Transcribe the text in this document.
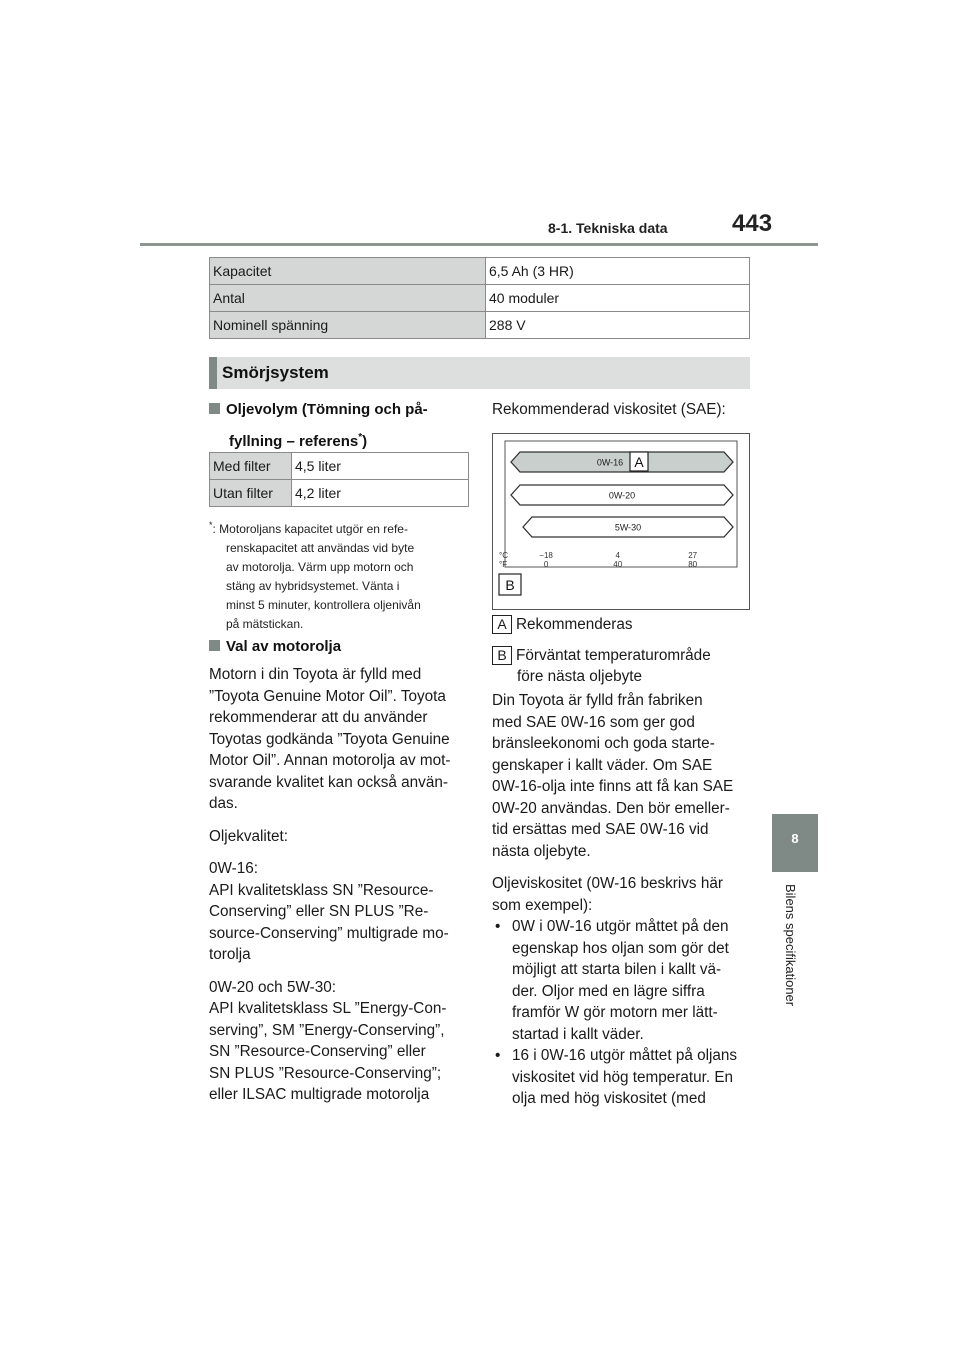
8-1. Tekniska data	443
8
Bilens specifikationer
Kapacitet	6,5 Ah (3 HR)
Antal	40 moduler
Nominell spänning	288 V
Smörjsystem
Oljevolym (Tömning och på-
fyllning – referens*)
Med filter	4,5 liter
Utan filter	4,2 liter
*: Motoroljans kapacitet utgör en refe-
renskapacitet att användas vid byte
av motorolja. Värm upp motorn och
stäng av hybridsystemet. Vänta i
minst 5 minuter, kontrollera oljenivån
på mätstickan.
Val av motorolja
Motorn i din Toyota är fylld med
”Toyota Genuine Motor Oil”. Toyota
rekommenderar att du använder
Toyotas godkända ”Toyota Genuine
Motor Oil”. Annan motorolja av mot-
svarande kvalitet kan också använ-
das.
Oljekvalitet:
0W-16:
API kvalitetsklass SN ”Resource-
Conserving” eller SN PLUS ”Re-
source-Conserving” multigrade mo-
torolja
0W-20 och 5W-30:
API kvalitetsklass SL ”Energy-Con-
serving”, SM ”Energy-Conserving”,
SN ”Resource-Conserving” eller
SN PLUS ”Resource-Conserving”;
eller ILSAC multigrade motorolja
Rekommenderad viskositet (SAE):
0W-16 A
0W-20
5W-30
°C
°F
−18
0
4
40
27
80
B
A Rekommenderas
B Förväntat temperaturområde
före nästa oljebyte
Din Toyota är fylld från fabriken
med SAE 0W-16 som ger god
bränsleekonomi och goda starte-
genskaper i kallt väder. Om SAE
0W-16-olja inte finns att få kan SAE
0W-20 användas. Den bör emeller-
tid ersättas med SAE 0W-16 vid
nästa oljebyte.
Oljeviskositet (0W-16 beskrivs här
som exempel):
• 0W i 0W-16 utgör måttet på den
egenskap hos oljan som gör det
möjligt att starta bilen i kallt vä-
der. Oljor med en lägre siffra
framför W gör motorn mer lätt-
startad i kallt väder.
• 16 i 0W-16 utgör måttet på oljans
viskositet vid hög temperatur. En
olja med hög viskositet (med
